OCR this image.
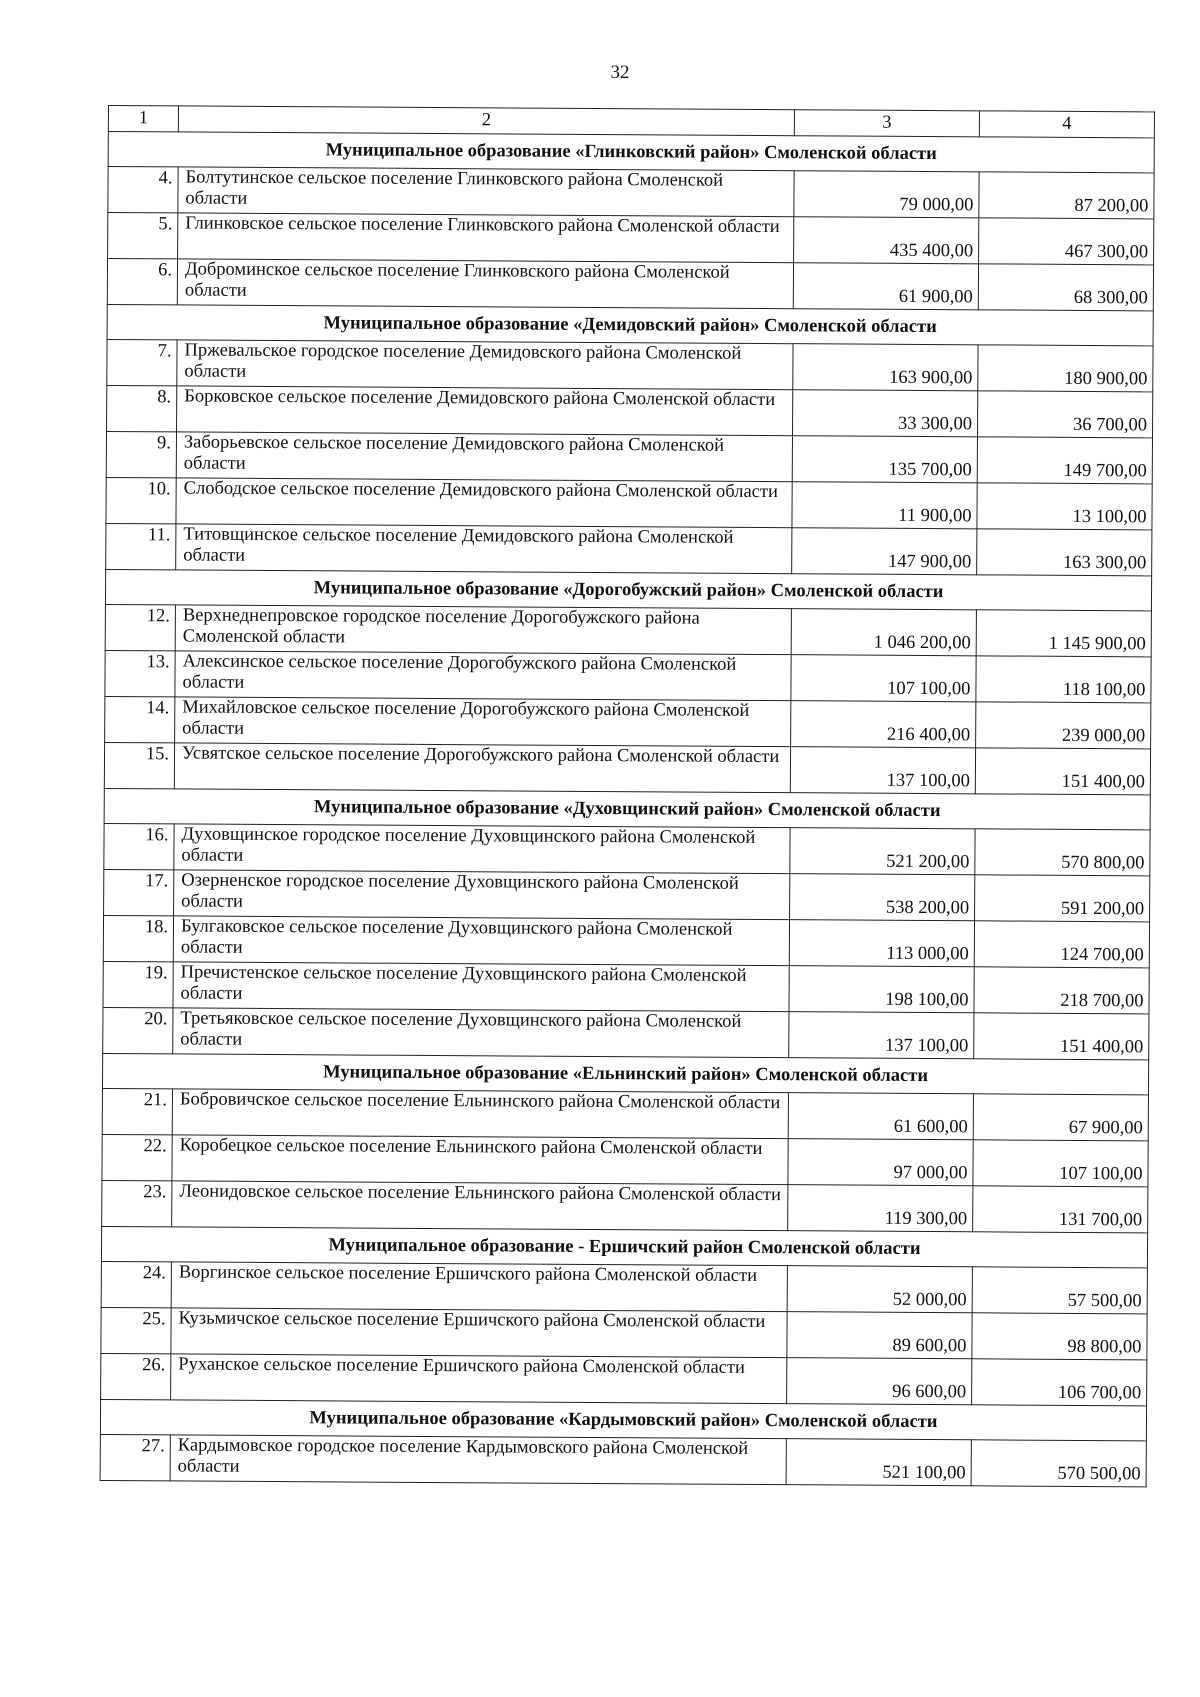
32
1	2	3	4
Муниципальное образование «Глинковский район» Смоленской области			
4.	Болтутинское сельское поселение Глинковского района Смоленской области	79 000,00	87 200,00
5.	Глинковское сельское поселение Глинковского района Смоленской области	435 400,00	467 300,00
6.	Доброминское сельское поселение Глинковского района Смоленской области	61 900,00	68 300,00
Муниципальное образование «Демидовский район» Смоленской области			
7.	Пржевальское городское поселение Демидовского района Смоленской области	163 900,00	180 900,00
8.	Борковское сельское поселение Демидовского района Смоленской области	33 300,00	36 700,00
9.	Заборьевское сельское поселение Демидовского района Смоленской области	135 700,00	149 700,00
10.	Слободское сельское поселение Демидовского района Смоленской области	11 900,00	13 100,00
11.	Титовщинское сельское поселение Демидовского района Смоленской области	147 900,00	163 300,00
Муниципальное образование «Дорогобужский район» Смоленской области			
12.	Верхнеднепровское городское поселение Дорогобужского района Смоленской области	1 046 200,00	1 145 900,00
13.	Алексинское сельское поселение Дорогобужского района Смоленской области	107 100,00	118 100,00
14.	Михайловское сельское поселение Дорогобужского района Смоленской области	216 400,00	239 000,00
15.	Усвятское сельское поселение Дорогобужского района Смоленской области	137 100,00	151 400,00
Муниципальное образование «Духовщинский район» Смоленской области			
16.	Духовщинское городское поселение Духовщинского района Смоленской области	521 200,00	570 800,00
17.	Озерненское городское поселение Духовщинского района Смоленской области	538 200,00	591 200,00
18.	Булгаковское сельское поселение Духовщинского района Смоленской области	113 000,00	124 700,00
19.	Пречистенское сельское поселение Духовщинского района Смоленской области	198 100,00	218 700,00
20.	Третьяковское сельское поселение Духовщинского района Смоленской области	137 100,00	151 400,00
Муниципальное образование «Ельнинский район» Смоленской области			
21.	Бобровичское сельское поселение Ельнинского района Смоленской области	61 600,00	67 900,00
22.	Коробецкое сельское поселение Ельнинского района Смоленской области	97 000,00	107 100,00
23.	Леонидовское сельское поселение Ельнинского района Смоленской области	119 300,00	131 700,00
Муниципальное образование - Ершичский район Смоленской области			
24.	Воргинское сельское поселение Ершичского района Смоленской области	52 000,00	57 500,00
25.	Кузьмичское сельское поселение Ершичского района Смоленской области	89 600,00	98 800,00
26.	Руханское сельское поселение Ершичского района Смоленской области	96 600,00	106 700,00
Муниципальное образование «Кардымовский район» Смоленской области			
27.	Кардымовское городское поселение Кардымовского района Смоленской области	521 100,00	570 500,00
